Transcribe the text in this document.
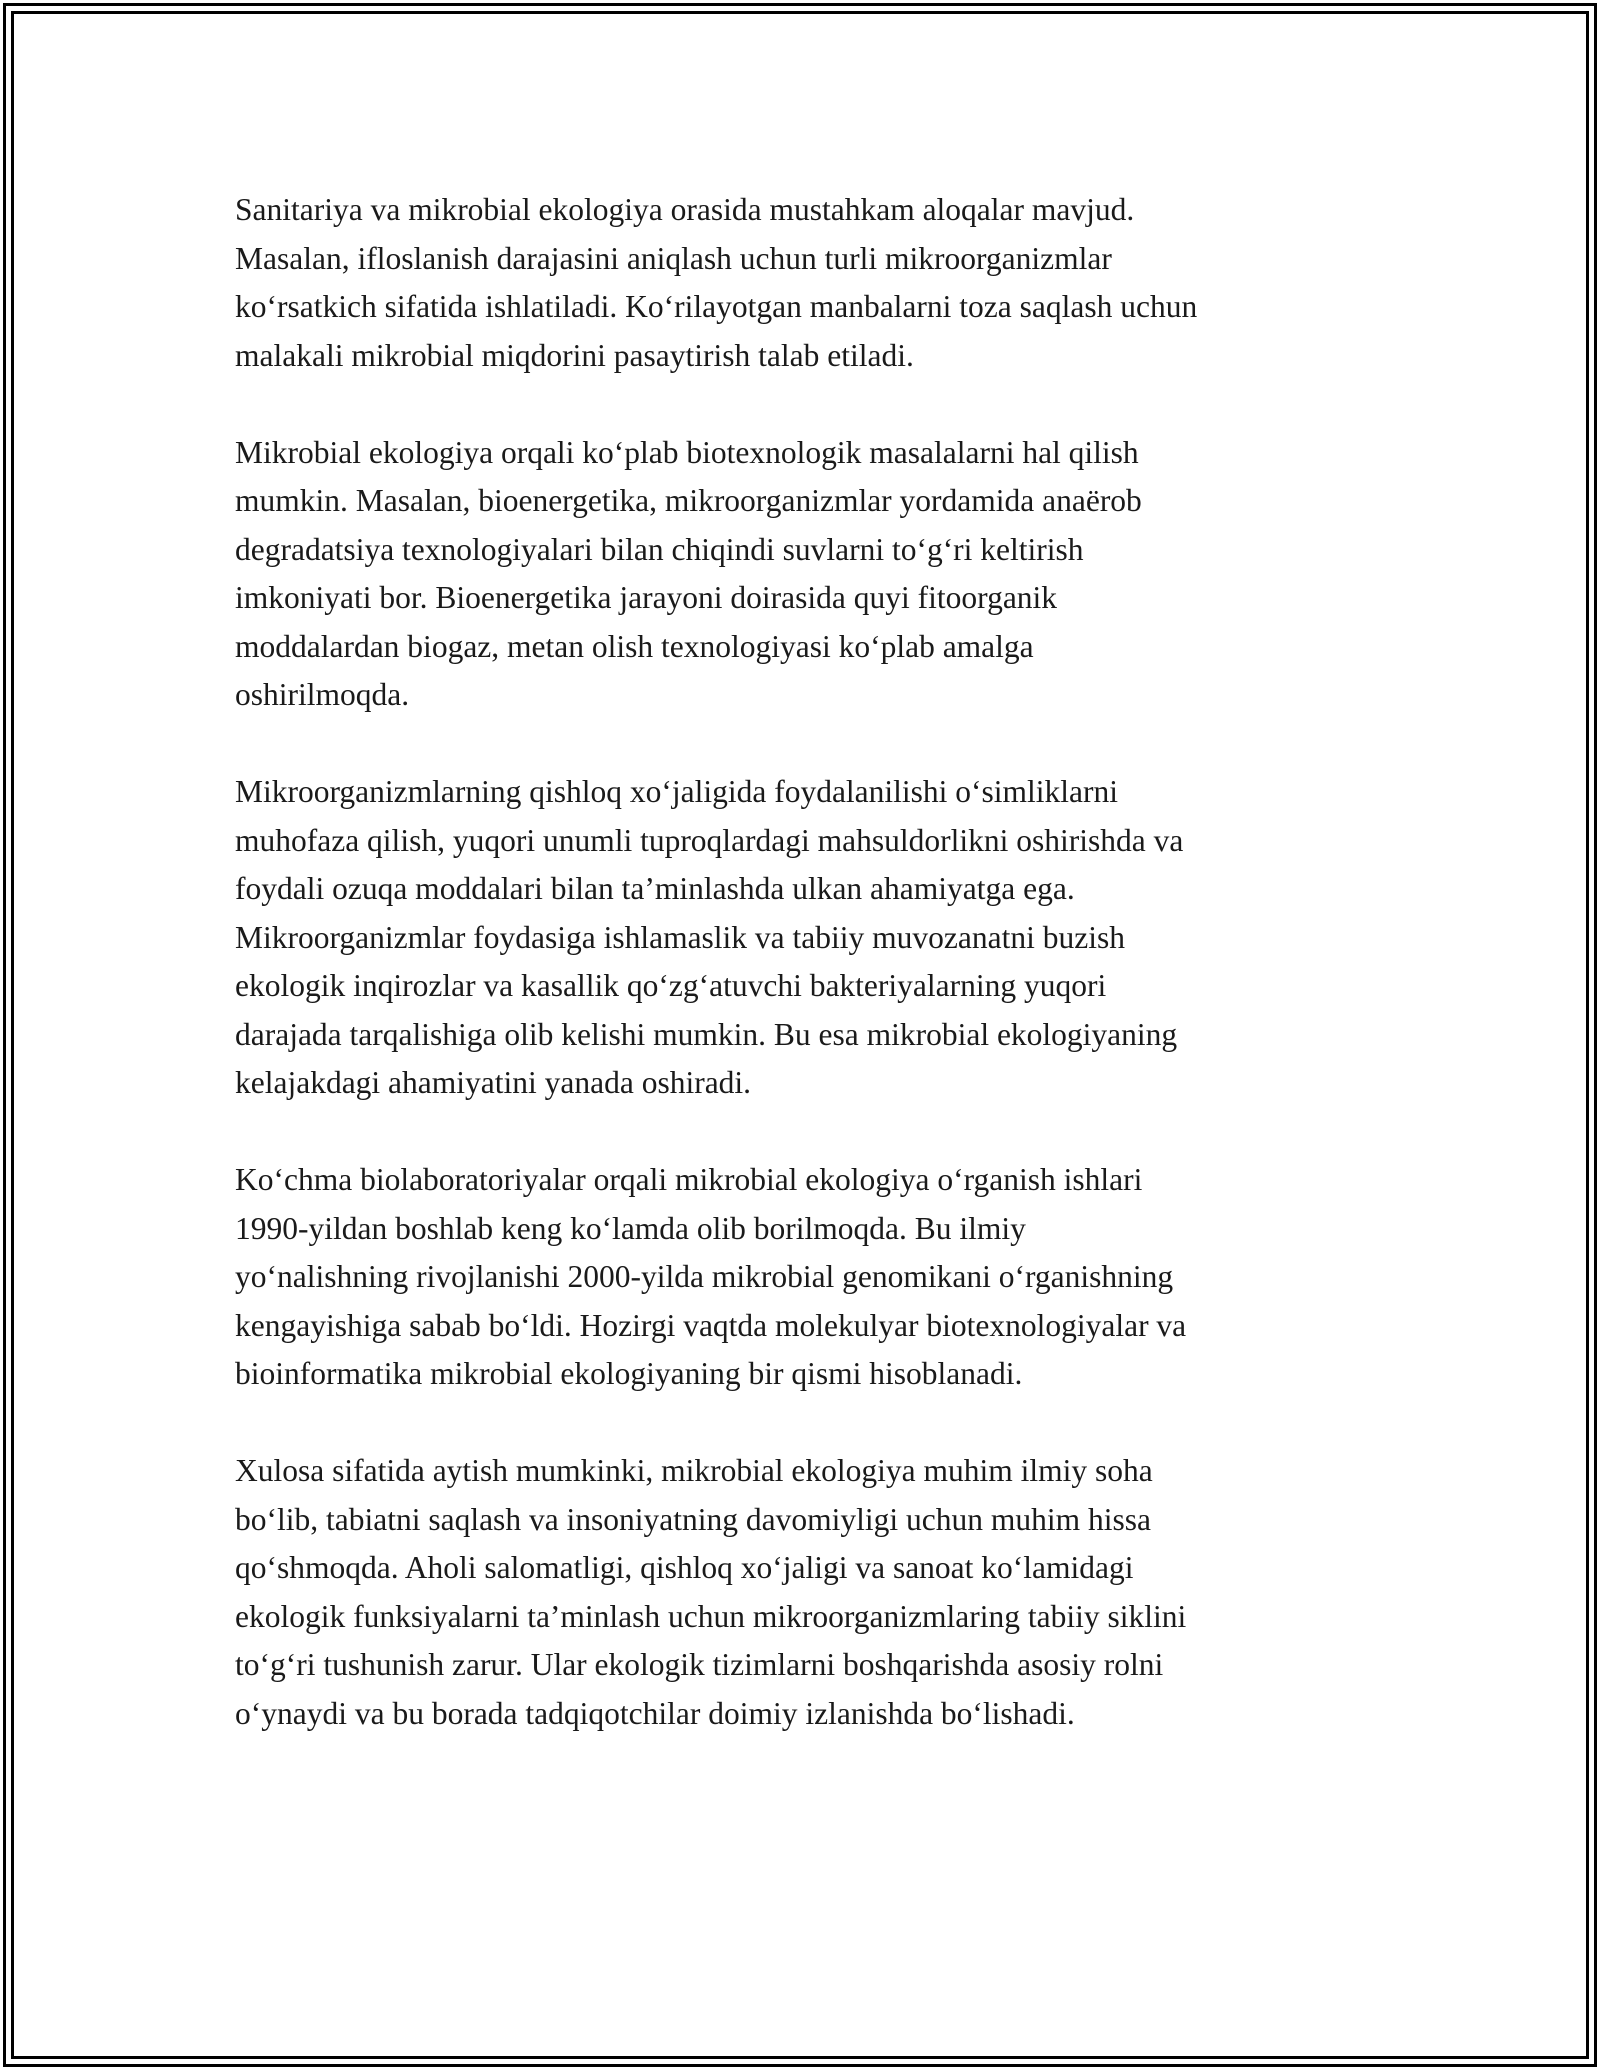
Sanitariya va mikrobial ekologiya orasida mustahkam aloqalar mavjud.
Masalan, ifloslanish darajasini aniqlash uchun turli mikroorganizmlar
ko‘rsatkich sifatida ishlatiladi. Ko‘rilayotgan manbalarni toza saqlash uchun
malakali mikrobial miqdorini pasaytirish talab etiladi.

Mikrobial ekologiya orqali ko‘plab biotexnologik masalalarni hal qilish
mumkin. Masalan, bioenergetika, mikroorganizmlar yordamida anaёrob
degradatsiya texnologiyalari bilan chiqindi suvlarni to‘g‘ri keltirish
imkoniyati bor. Bioenergetika jarayoni doirasida quyi fitoorganik
moddalardan biogaz, metan olish texnologiyasi ko‘plab amalga
oshirilmoqda.

Mikroorganizmlarning qishloq xo‘jaligida foydalanilishi o‘simliklarni
muhofaza qilish, yuqori unumli tuproqlardagi mahsuldorlikni oshirishda va
foydali ozuqa moddalari bilan ta’minlashda ulkan ahamiyatga ega.
Mikroorganizmlar foydasiga ishlamaslik va tabiiy muvozanatni buzish
ekologik inqirozlar va kasallik qo‘zg‘atuvchi bakteriyalarning yuqori
darajada tarqalishiga olib kelishi mumkin. Bu esa mikrobial ekologiyaning
kelajakdagi ahamiyatini yanada oshiradi.

Ko‘chma biolaboratoriyalar orqali mikrobial ekologiya o‘rganish ishlari
1990-yildan boshlab keng ko‘lamda olib borilmoqda. Bu ilmiy
yo‘nalishning rivojlanishi 2000-yilda mikrobial genomikani o‘rganishning
kengayishiga sabab bo‘ldi. Hozirgi vaqtda molekulyar biotexnologiyalar va
bioinformatika mikrobial ekologiyaning bir qismi hisoblanadi.

Xulosa sifatida aytish mumkinki, mikrobial ekologiya muhim ilmiy soha
bo‘lib, tabiatni saqlash va insoniyatning davomiyligi uchun muhim hissa
qo‘shmoqda. Aholi salomatligi, qishloq xo‘jaligi va sanoat ko‘lamidagi
ekologik funksiyalarni ta’minlash uchun mikroorganizmlaring tabiiy siklini
to‘g‘ri tushunish zarur. Ular ekologik tizimlarni boshqarishda asosiy rolni
o‘ynaydi va bu borada tadqiqotchilar doimiy izlanishda bo‘lishadi.
